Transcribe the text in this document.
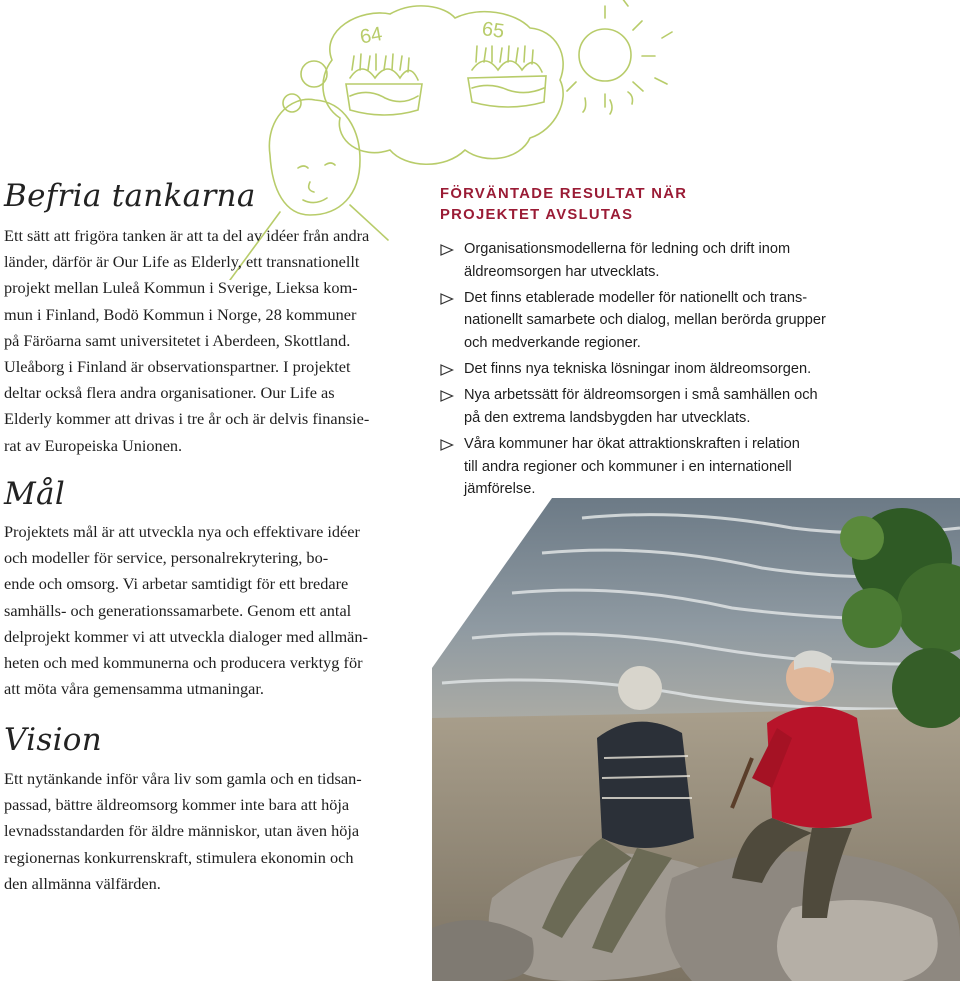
64	65
Befria tankarna

Ett sätt att frigöra tanken är att ta del av idéer från andra
länder, därför är Our Life as Elderly, ett transnationellt
projekt mellan Luleå Kommun i Sverige, Lieksa kom-
mun i Finland, Bodö Kommun i Norge, 28 kommuner
på Färöarna samt universitetet i Aberdeen, Skottland.
Uleåborg i Finland är observationspartner. I projektet
deltar också flera andra organisationer. Our Life as
Elderly kommer att drivas i tre år och är delvis finansie-
rat av Europeiska Unionen.

Mål

Projektets mål är att utveckla nya och effektivare idéer
och modeller för service, personalrekrytering, bo-
ende och omsorg. Vi arbetar samtidigt för ett bredare
samhälls- och generationssamarbete. Genom ett antal
delprojekt kommer vi att utveckla dialoger med allmän-
heten och med kommunerna och producera verktyg för
att möta våra gemensamma utmaningar.

Vision

Ett nytänkande inför våra liv som gamla och en tidsan-
passad, bättre äldreomsorg kommer inte bara att höja
levnadsstandarden för äldre människor, utan även höja
regionernas konkurrenskraft, stimulera ekonomin och
den allmänna välfärden.

FÖRVÄNTADE RESULTAT NÄR
PROJEKTET AVSLUTAS
Organisationsmodellerna för ledning och drift inom
äldreomsorgen har utvecklats.
Det finns etablerade modeller för nationellt och trans-
nationellt samarbete och dialog, mellan berörda grupper
och medverkande regioner.
Det finns nya tekniska lösningar inom äldreomsorgen.
Nya arbetssätt för äldreomsorgen i små samhällen och
på den extrema landsbygden har utvecklats.
Våra kommuner har ökat attraktionskraften i relation
till andra regioner och kommuner i en internationell
jämförelse.
